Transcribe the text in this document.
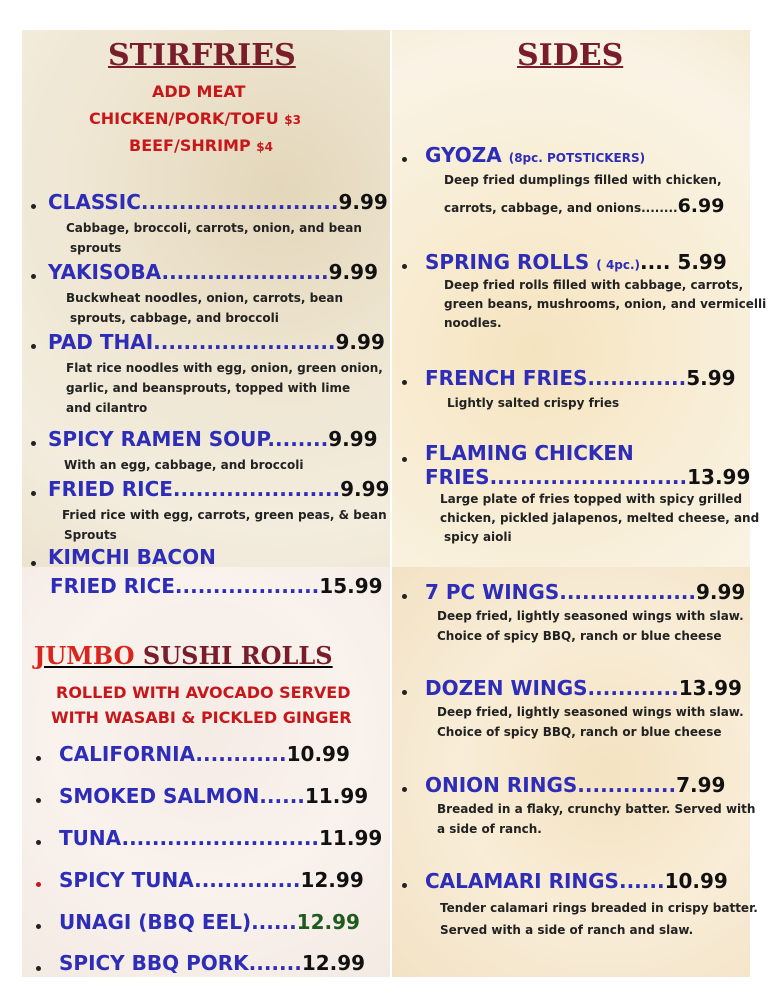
STIRFRIES
ADD MEAT
CHICKEN/PORK/TOFU $3
BEEF/SHRIMP $4
CLASSIC..........................9.99
Cabbage, broccoli, carrots, onion, and bean
sprouts
YAKISOBA......................9.99
Buckwheat noodles, onion, carrots, bean
sprouts, cabbage, and broccoli
PAD THAI........................9.99
Flat rice noodles with egg, onion, green onion,
garlic, and beansprouts, topped with lime
and cilantro
SPICY RAMEN SOUP........9.99
With an egg, cabbage, and broccoli
FRIED RICE......................9.99
Fried rice with egg, carrots, green peas, & bean
Sprouts
KIMCHI BACON
FRIED RICE...................15.99
SIDES
GYOZA (8pc. POTSTICKERS)
Deep fried dumplings filled with chicken,
carrots, cabbage, and onions........6.99
SPRING ROLLS ( 4pc.).... 5.99
Deep fried rolls filled with cabbage, carrots,
green beans, mushrooms, onion, and vermicelli
noodles.
FRENCH FRIES.............5.99
Lightly salted crispy fries
FLAMING CHICKEN
FRIES..........................13.99
Large plate of fries topped with spicy grilled
chicken, pickled jalapenos, melted cheese, and
spicy aioli
JUMBO SUSHI ROLLS
ROLLED WITH AVOCADO SERVED
WITH WASABI & PICKLED GINGER
CALIFORNIA............10.99
SMOKED SALMON......11.99
TUNA..........................11.99
SPICY TUNA..............12.99
UNAGI (BBQ EEL)......12.99
SPICY BBQ PORK.......12.99
7 PC WINGS..................9.99
Deep fried, lightly seasoned wings with slaw.
Choice of spicy BBQ, ranch or blue cheese
DOZEN WINGS............13.99
Deep fried, lightly seasoned wings with slaw.
Choice of spicy BBQ, ranch or blue cheese
ONION RINGS.............7.99
Breaded in a flaky, crunchy batter. Served with
a side of ranch.
CALAMARI RINGS......10.99
Tender calamari rings breaded in crispy batter.
Served with a side of ranch and slaw.
